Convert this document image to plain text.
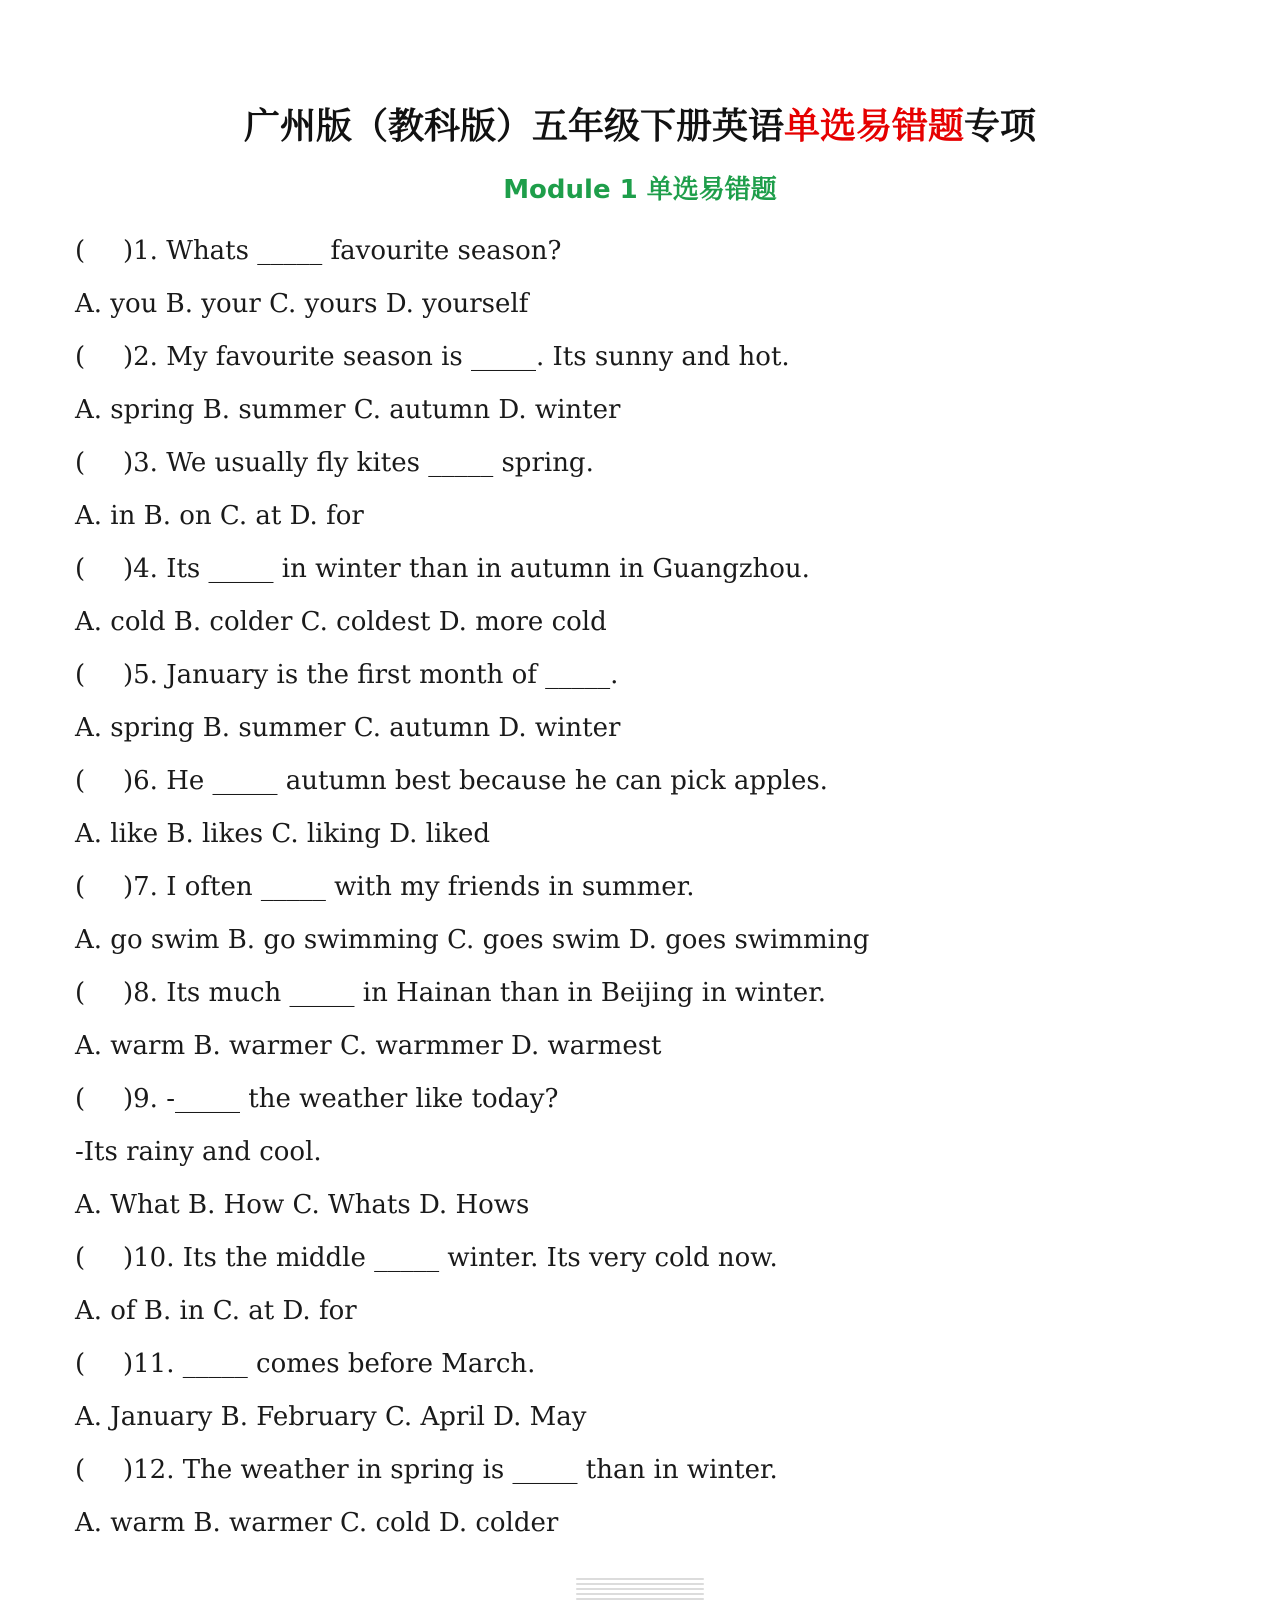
广州版（教科版）五年级下册英语单选易错题专项
Module 1 单选易错题
( )1. Whats _____ favourite season?
A. you B. your C. yours D. yourself
( )2. My favourite season is _____. Its sunny and hot.
A. spring B. summer C. autumn D. winter
( )3. We usually fly kites _____ spring.
A. in B. on C. at D. for
( )4. Its _____ in winter than in autumn in Guangzhou.
A. cold B. colder C. coldest D. more cold
( )5. January is the first month of _____.
A. spring B. summer C. autumn D. winter
( )6. He _____ autumn best because he can pick apples.
A. like B. likes C. liking D. liked
( )7. I often _____ with my friends in summer.
A. go swim B. go swimming C. goes swim D. goes swimming
( )8. Its much _____ in Hainan than in Beijing in winter.
A. warm B. warmer C. warmmer D. warmest
( )9. -_____ the weather like today?
-Its rainy and cool.
A. What B. How C. Whats D. Hows
( )10. Its the middle _____ winter. Its very cold now.
A. of B. in C. at D. for
( )11. _____ comes before March.
A. January B. February C. April D. May
( )12. The weather in spring is _____ than in winter.
A. warm B. warmer C. cold D. colder
